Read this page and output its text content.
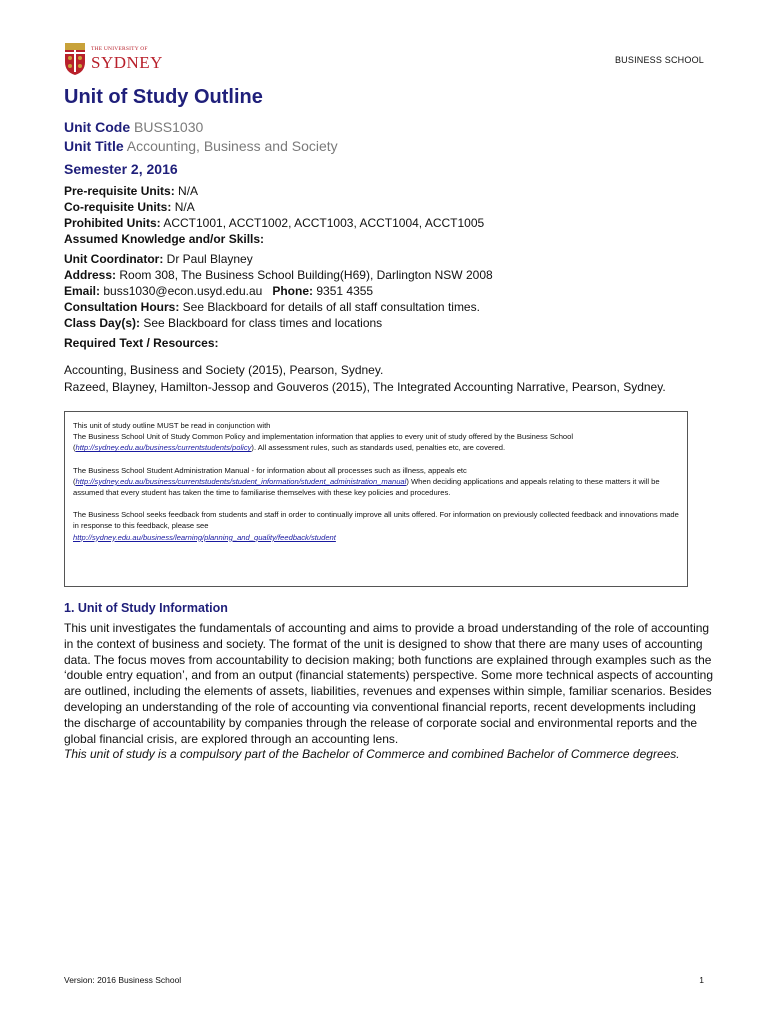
THE UNIVERSITY OF
SYDNEY	BUSINESS SCHOOL
Unit of Study Outline
Unit Code BUSS1030
Unit Title Accounting, Business and Society
Semester 2, 2016
Pre-requisite Units: N/A
Co-requisite Units: N/A
Prohibited Units: ACCT1001, ACCT1002, ACCT1003, ACCT1004, ACCT1005
Assumed Knowledge and/or Skills:
Unit Coordinator: Dr Paul Blayney
Address: Room 308, The Business School Building(H69), Darlington NSW 2008
Email: buss1030@econ.usyd.edu.au Phone: 9351 4355
Consultation Hours: See Blackboard for details of all staff consultation times.
Class Day(s): See Blackboard for class times and locations
Required Text / Resources:
Accounting, Business and Society (2015), Pearson, Sydney.
Razeed, Blayney, Hamilton-Jessop and Gouveros (2015), The Integrated Accounting Narrative, Pearson, Sydney.

This unit of study outline MUST be read in conjunction with
The Business School Unit of Study Common Policy and implementation information that applies to every unit of study offered by the Business School (http://sydney.edu.au/business/currentstudents/policy). All assessment rules, such as standards used, penalties etc, are covered.

The Business School Student Administration Manual - for information about all processes such as illness, appeals etc (http://sydney.edu.au/business/currentstudents/student_information/student_administration_manual) When deciding applications and appeals relating to these matters it will be assumed that every student has taken the time to familiarise themselves with these key policies and procedures.

The Business School seeks feedback from students and staff in order to continually improve all units offered. For information on previously collected feedback and innovations made in response to this feedback, please see
http://sydney.edu.au/business/learning/planning_and_quality/feedback/student

1. Unit of Study Information

This unit investigates the fundamentals of accounting and aims to provide a broad understanding of the role of accounting in the context of business and society. The format of the unit is designed to show that there are many uses of accounting data. The focus moves from accountability to decision making; both functions are explained through examples such as the ‘double entry equation’, and from an output (financial statements) perspective. Some more technical aspects of accounting are outlined, including the elements of assets, liabilities, revenues and expenses within simple, familiar scenarios. Besides developing an understanding of the role of accounting via conventional financial reports, recent developments including the discharge of accountability by companies through the release of corporate social and environmental reports and the global financial crisis, are explored through an accounting lens.

This unit of study is a compulsory part of the Bachelor of Commerce and combined Bachelor of Commerce degrees.

Version: 2016 Business School	1
